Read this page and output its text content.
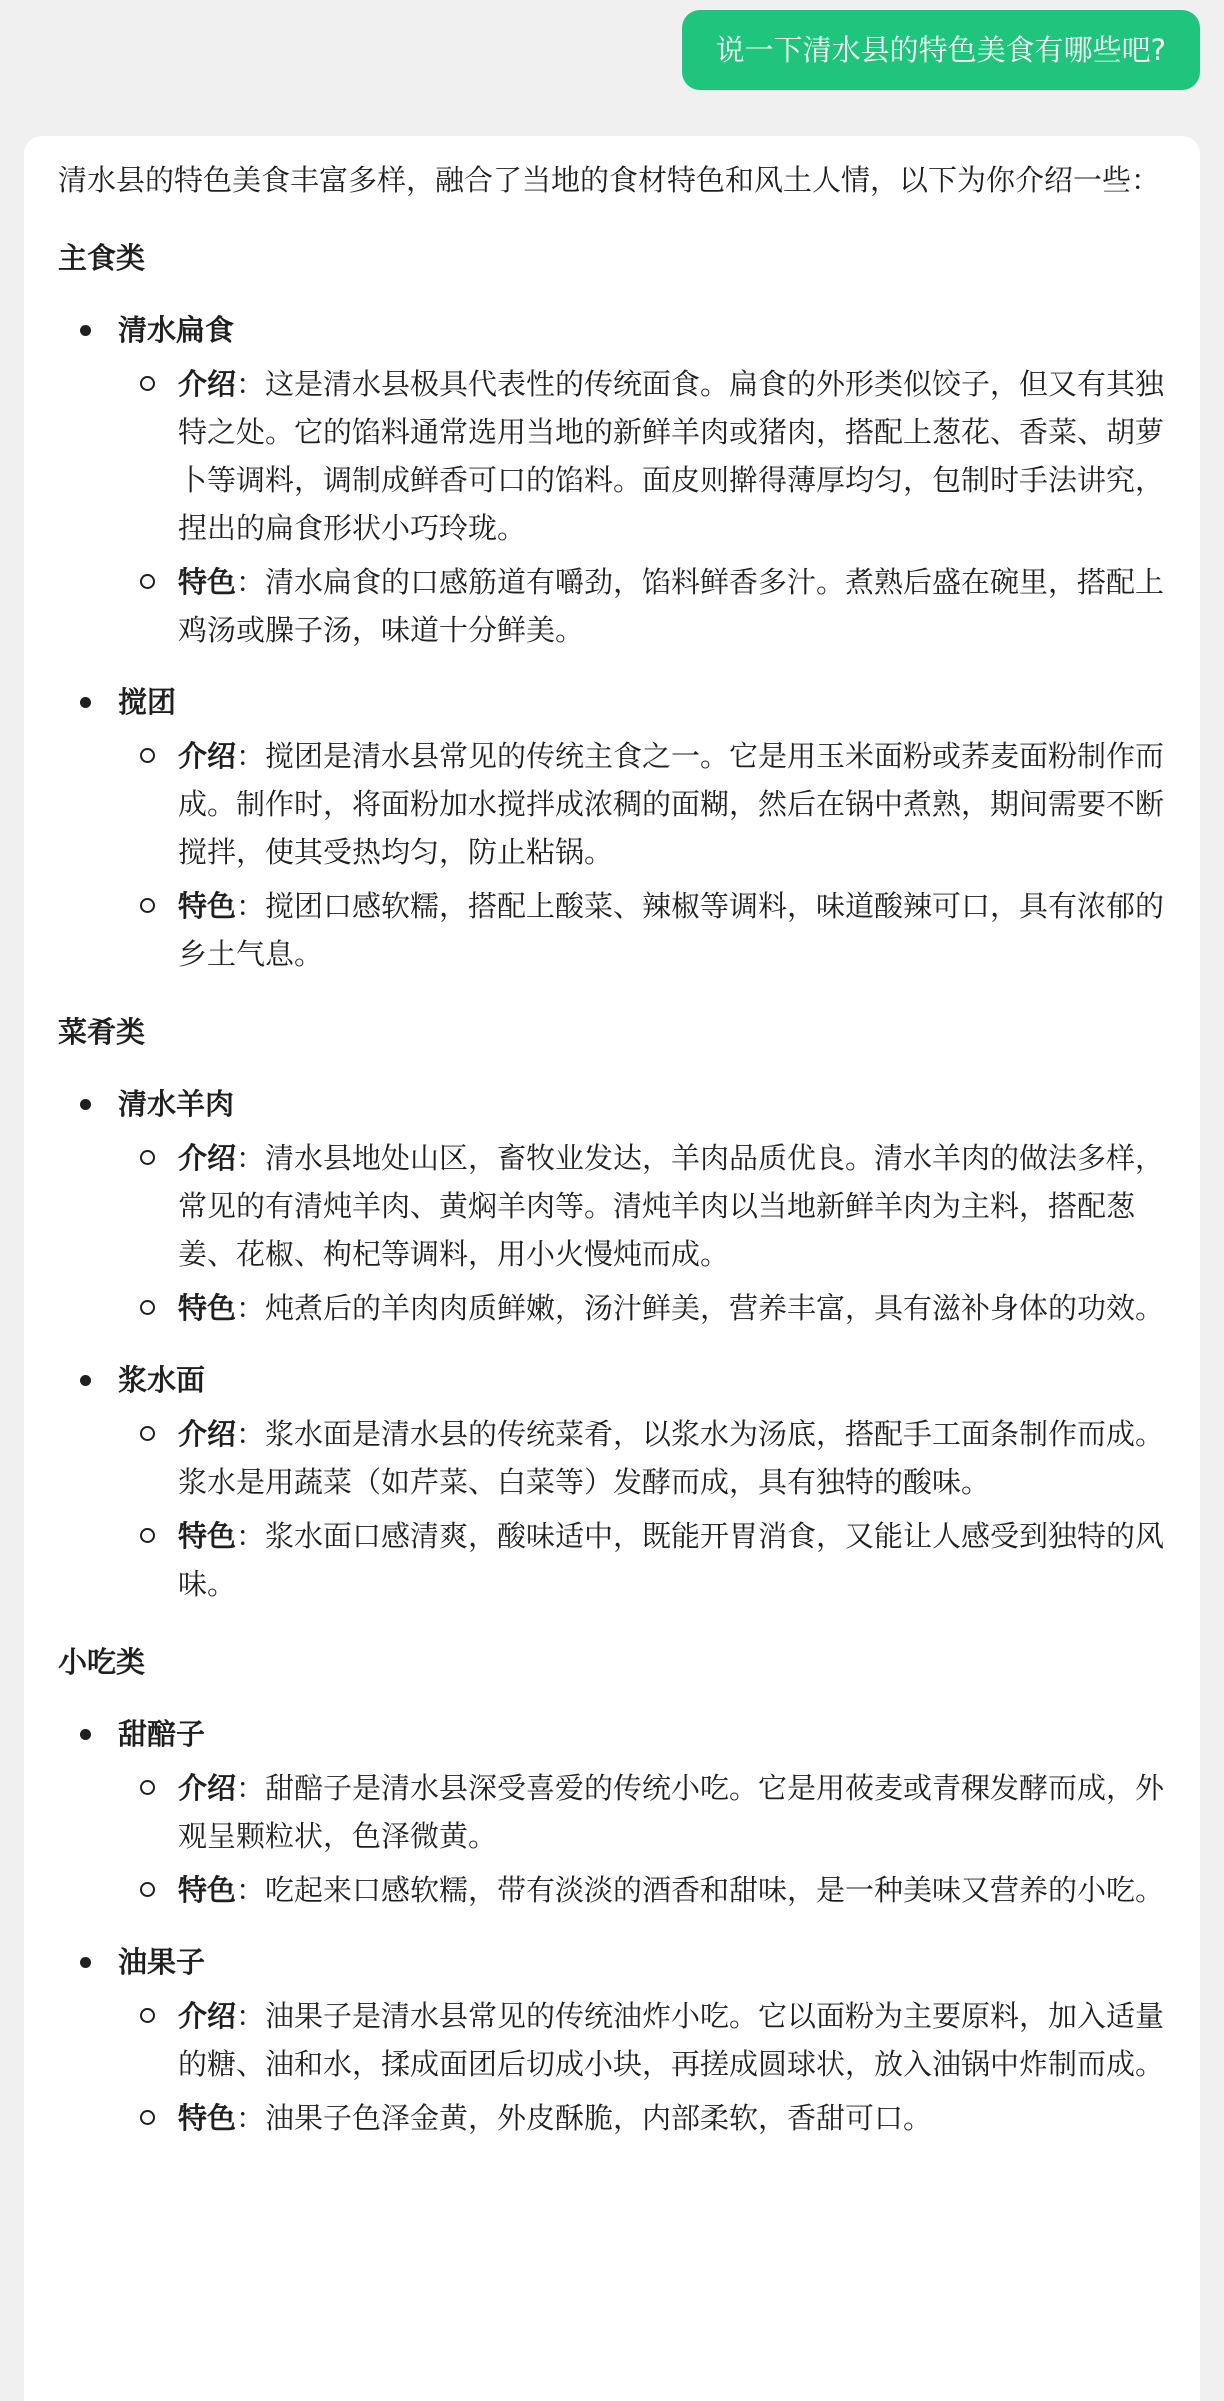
说一下清水县的特色美食有哪些吧?

清水县的特色美食丰富多样，融合了当地的食材特色和风土人情，以下为你介绍一些：

主食类
清水扁食
介绍：这是清水县极具代表性的传统面食。扁食的外形类似饺子，但又有其独特之处。它的馅料通常选用当地的新鲜羊肉或猪肉，搭配上葱花、香菜、胡萝卜等调料，调制成鲜香可口的馅料。面皮则擀得薄厚均匀，包制时手法讲究，捏出的扁食形状小巧玲珑。
特色：清水扁食的口感筋道有嚼劲，馅料鲜香多汁。煮熟后盛在碗里，搭配上鸡汤或臊子汤，味道十分鲜美。
搅团
介绍：搅团是清水县常见的传统主食之一。它是用玉米面粉或荞麦面粉制作而成。制作时，将面粉加水搅拌成浓稠的面糊，然后在锅中煮熟，期间需要不断搅拌，使其受热均匀，防止粘锅。
特色：搅团口感软糯，搭配上酸菜、辣椒等调料，味道酸辣可口，具有浓郁的乡土气息。
菜肴类
清水羊肉
介绍：清水县地处山区，畜牧业发达，羊肉品质优良。清水羊肉的做法多样，常见的有清炖羊肉、黄焖羊肉等。清炖羊肉以当地新鲜羊肉为主料，搭配葱姜、花椒、枸杞等调料，用小火慢炖而成。
特色：炖煮后的羊肉肉质鲜嫩，汤汁鲜美，营养丰富，具有滋补身体的功效。
浆水面
介绍：浆水面是清水县的传统菜肴，以浆水为汤底，搭配手工面条制作而成。浆水是用蔬菜（如芹菜、白菜等）发酵而成，具有独特的酸味。
特色：浆水面口感清爽，酸味适中，既能开胃消食，又能让人感受到独特的风味。
小吃类
甜醅子
介绍：甜醅子是清水县深受喜爱的传统小吃。它是用莜麦或青稞发酵而成，外观呈颗粒状，色泽微黄。
特色：吃起来口感软糯，带有淡淡的酒香和甜味，是一种美味又营养的小吃。
油果子
介绍：油果子是清水县常见的传统油炸小吃。它以面粉为主要原料，加入适量的糖、油和水，揉成面团后切成小块，再搓成圆球状，放入油锅中炸制而成。
特色：油果子色泽金黄，外皮酥脆，内部柔软，香甜可口。
